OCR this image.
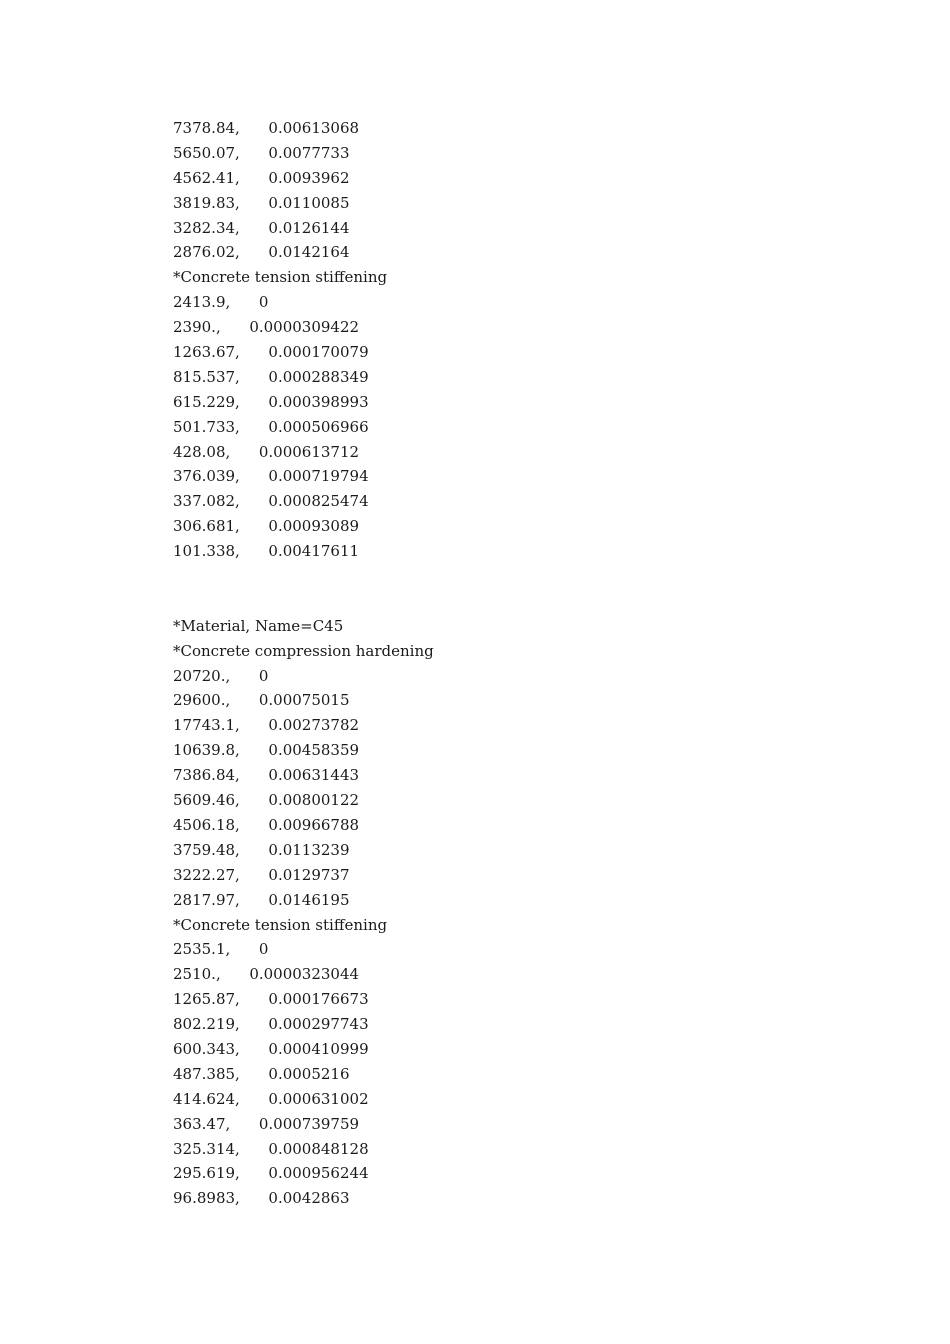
7378.84,      0.00613068
5650.07,      0.0077733
4562.41,      0.0093962
3819.83,      0.0110085
3282.34,      0.0126144
2876.02,      0.0142164
*Concrete tension stiffening
2413.9,      0
2390.,      0.0000309422
1263.67,      0.000170079
815.537,      0.000288349
615.229,      0.000398993
501.733,      0.000506966
428.08,      0.000613712
376.039,      0.000719794
337.082,      0.000825474
306.681,      0.00093089
101.338,      0.00417611
*Material, Name=C45
*Concrete compression hardening
20720.,      0
29600.,      0.00075015
17743.1,      0.00273782
10639.8,      0.00458359
7386.84,      0.00631443
5609.46,      0.00800122
4506.18,      0.00966788
3759.48,      0.0113239
3222.27,      0.0129737
2817.97,      0.0146195
*Concrete tension stiffening
2535.1,      0
2510.,      0.0000323044
1265.87,      0.000176673
802.219,      0.000297743
600.343,      0.000410999
487.385,      0.0005216
414.624,      0.000631002
363.47,      0.000739759
325.314,      0.000848128
295.619,      0.000956244
96.8983,      0.0042863
